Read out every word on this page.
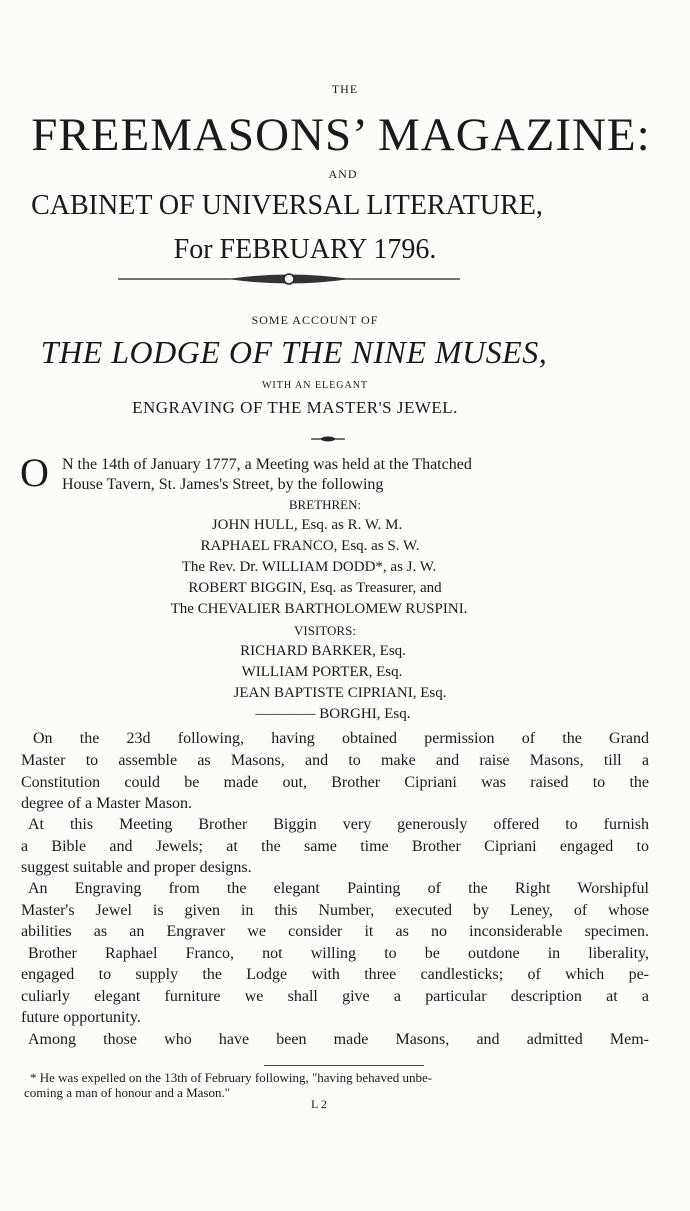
THE
FREEMASONS’ MAGAZINE:
AND
CABINET OF UNIVERSAL LITERATURE,
For FEBRUARY 1796.
SOME ACCOUNT OF
THE LODGE OF THE NINE MUSES,
WITH AN ELEGANT
ENGRAVING OF THE MASTER'S JEWEL.
O N the 14th of January 1777, a Meeting was held at the Thatched
House Tavern, St. James's Street, by the following
BRETHREN:
JOHN HULL, Esq. as R. W. M.
RAPHAEL FRANCO, Esq. as S. W.
The Rev. Dr. WILLIAM DODD*, as J. W.
ROBERT BIGGIN, Esq. as Treasurer, and
The CHEVALIER BARTHOLOMEW RUSPINI.
VISITORS:
RICHARD BARKER, Esq.
WILLIAM PORTER, Esq.
JEAN BAPTISTE CIPRIANI, Esq.
———— BORGHI, Esq.
On the 23d following, having obtained permission of the Grand
Master to assemble as Masons, and to make and raise Masons, till a
Constitution could be made out, Brother Cipriani was raised to the
degree of a Master Mason.
At this Meeting Brother Biggin very generously offered to furnish
a Bible and Jewels; at the same time Brother Cipriani engaged to
suggest suitable and proper designs.
An Engraving from the elegant Painting of the Right Worshipful
Master's Jewel is given in this Number, executed by Leney, of whose
abilities as an Engraver we consider it as no inconsiderable specimen.
Brother Raphael Franco, not willing to be outdone in liberality,
engaged to supply the Lodge with three candlesticks; of which pe-
culiarly elegant furniture we shall give a particular description at a
future opportunity.
Among those who have been made Masons, and admitted Mem-
* He was expelled on the 13th of February following, "having behaved unbe-
coming a man of honour and a Mason."
L 2
